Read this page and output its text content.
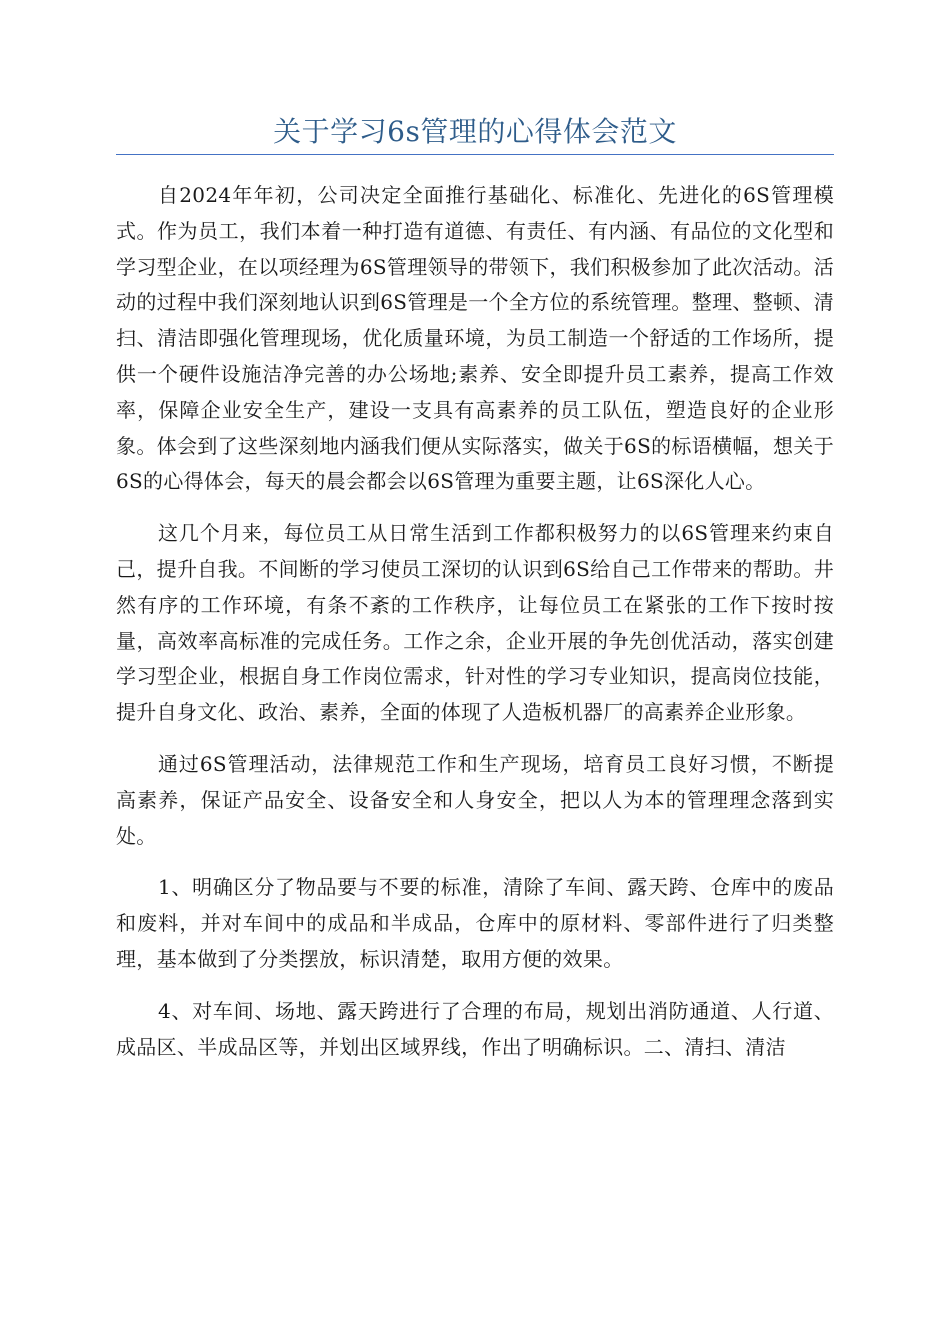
关于学习6s管理的心得体会范文

自2024年年初，公司决定全面推行基础化、标准化、先进化的6S管理模式。作为员工，我们本着一种打造有道德、有责任、有内涵、有品位的文化型和学习型企业，在以项经理为6S管理领导的带领下，我们积极参加了此次活动。活动的过程中我们深刻地认识到6S管理是一个全方位的系统管理。整理、整顿、清扫、清洁即强化管理现场，优化质量环境，为员工制造一个舒适的工作场所，提供一个硬件设施洁净完善的办公场地;素养、安全即提升员工素养，提高工作效率，保障企业安全生产，建设一支具有高素养的员工队伍，塑造良好的企业形象。体会到了这些深刻地内涵我们便从实际落实，做关于6S的标语横幅，想关于6S的心得体会，每天的晨会都会以6S管理为重要主题，让6S深化人心。

这几个月来，每位员工从日常生活到工作都积极努力的以6S管理来约束自己，提升自我。不间断的学习使员工深切的认识到6S给自己工作带来的帮助。井然有序的工作环境，有条不紊的工作秩序，让每位员工在紧张的工作下按时按量，高效率高标准的完成任务。工作之余，企业开展的争先创优活动，落实创建学习型企业，根据自身工作岗位需求，针对性的学习专业知识，提高岗位技能，提升自身文化、政治、素养，全面的体现了人造板机器厂的高素养企业形象。

通过6S管理活动，法律规范工作和生产现场，培育员工良好习惯，不断提高素养，保证产品安全、设备安全和人身安全，把以人为本的管理理念落到实处。

1、明确区分了物品要与不要的标准，清除了车间、露天跨、仓库中的废品和废料，并对车间中的成品和半成品，仓库中的原材料、零部件进行了归类整理，基本做到了分类摆放，标识清楚，取用方便的效果。

4、对车间、场地、露天跨进行了合理的布局，规划出消防通道、人行道、成品区、半成品区等，并划出区域界线，作出了明确标识。二、清扫、清洁
